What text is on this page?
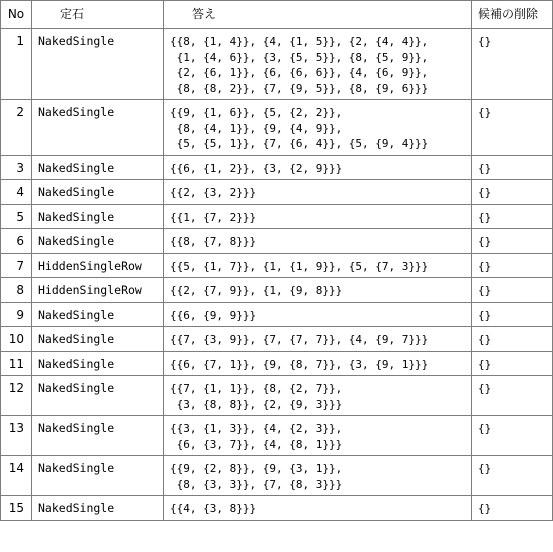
No	定石	答え	候補の削除
1	NakedSingle	{{8, {1, 4}}, {4, {1, 5}}, {2, {4, 4}},
{1, {4, 6}}, {3, {5, 5}}, {8, {5, 9}},
{2, {6, 1}}, {6, {6, 6}}, {4, {6, 9}},
{8, {8, 2}}, {7, {9, 5}}, {8, {9, 6}}}	{}
2	NakedSingle	{{9, {1, 6}}, {5, {2, 2}},
{8, {4, 1}}, {9, {4, 9}},
{5, {5, 1}}, {7, {6, 4}}, {5, {9, 4}}}	{}
3	NakedSingle	{{6, {1, 2}}, {3, {2, 9}}}	{}
4	NakedSingle	{{2, {3, 2}}}	{}
5	NakedSingle	{{1, {7, 2}}}	{}
6	NakedSingle	{{8, {7, 8}}}	{}
7	HiddenSingleRow	{{5, {1, 7}}, {1, {1, 9}}, {5, {7, 3}}}	{}
8	HiddenSingleRow	{{2, {7, 9}}, {1, {9, 8}}}	{}
9	NakedSingle	{{6, {9, 9}}}	{}
10	NakedSingle	{{7, {3, 9}}, {7, {7, 7}}, {4, {9, 7}}}	{}
11	NakedSingle	{{6, {7, 1}}, {9, {8, 7}}, {3, {9, 1}}}	{}
12	NakedSingle	{{7, {1, 1}}, {8, {2, 7}},
{3, {8, 8}}, {2, {9, 3}}}	{}
13	NakedSingle	{{3, {1, 3}}, {4, {2, 3}},
{6, {3, 7}}, {4, {8, 1}}}	{}
14	NakedSingle	{{9, {2, 8}}, {9, {3, 1}},
{8, {3, 3}}, {7, {8, 3}}}	{}
15	NakedSingle	{{4, {3, 8}}}	{}
